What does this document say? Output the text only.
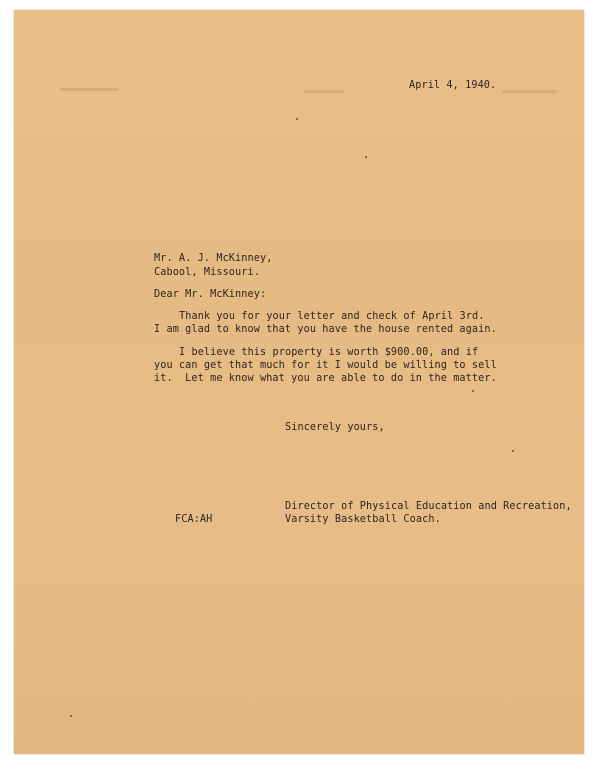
April 4, 1940.

Mr. A. J. McKinney,

Cabool, Missouri.

Dear Mr. McKinney:

Thank you for your letter and check of April 3rd.

I am glad to know that you have the house rented again.

I believe this property is worth $900.00, and if

you can get that much for it I would be willing to sell

it.  Let me know what you are able to do in the matter.

Sincerely yours,

Director of Physical Education and Recreation,

Varsity Basketball Coach.

FCA:AH
